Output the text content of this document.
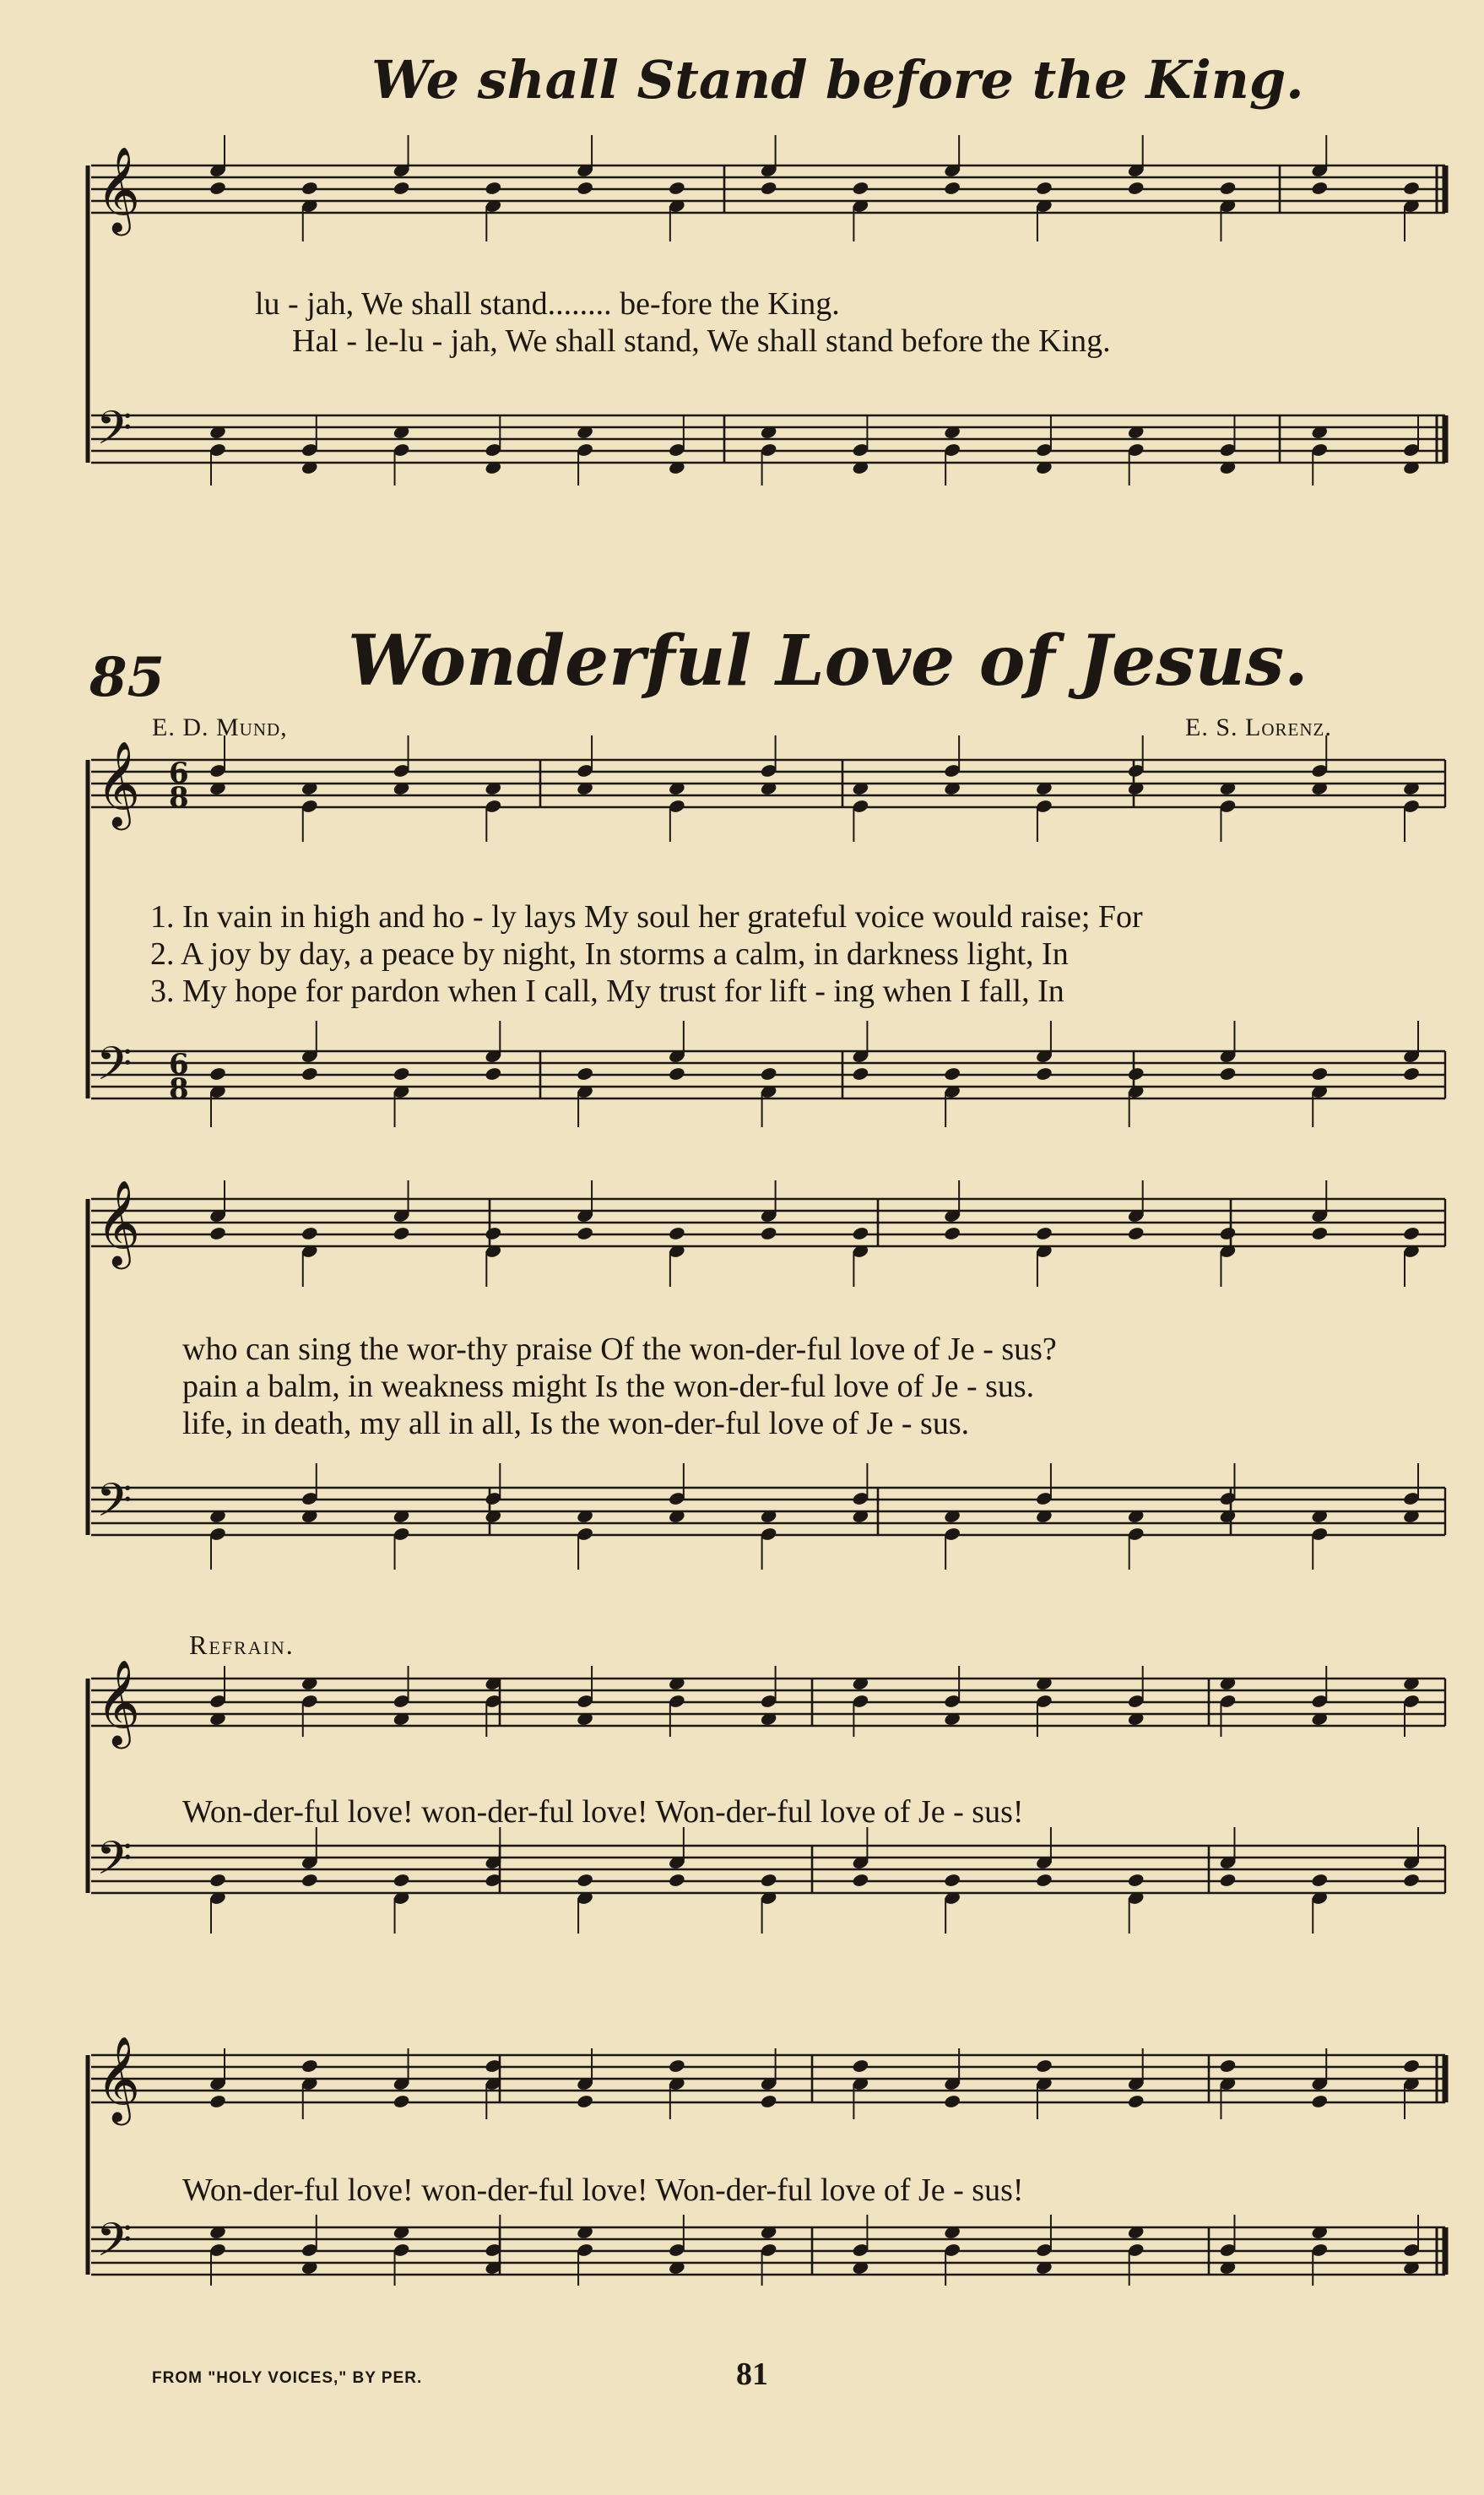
We shall Stand before the King.
lu - jah, We shall stand........ be-fore the King.
Hal - le-lu - jah, We shall stand, We shall stand before the King.
85	Wonderful Love of Jesus.
E. D. Mund,	E. S. Lorenz.
1. In vain in high and ho - ly lays My soul her grateful voice would raise; For
2. A joy by day, a peace by night, In storms a calm, in darkness light, In
3. My hope for pardon when I call, My trust for lift - ing when I fall, In
who can sing the wor-thy praise Of the won-der-ful love of Je - sus?
pain a balm, in weakness might Is the won-der-ful love of Je - sus.
life, in death, my all in all, Is the won-der-ful love of Je - sus.
Refrain.
Won-der-ful love! won-der-ful love! Won-der-ful love of Je - sus!
Won-der-ful love! won-der-ful love! Won-der-ful love of Je - sus!
FROM "HOLY VOICES," BY PER.	81
𝄞
𝄢
𝄞
𝄢
𝄞
𝄢
𝄞
𝄢
𝄞
𝄢
6
8
6
8
